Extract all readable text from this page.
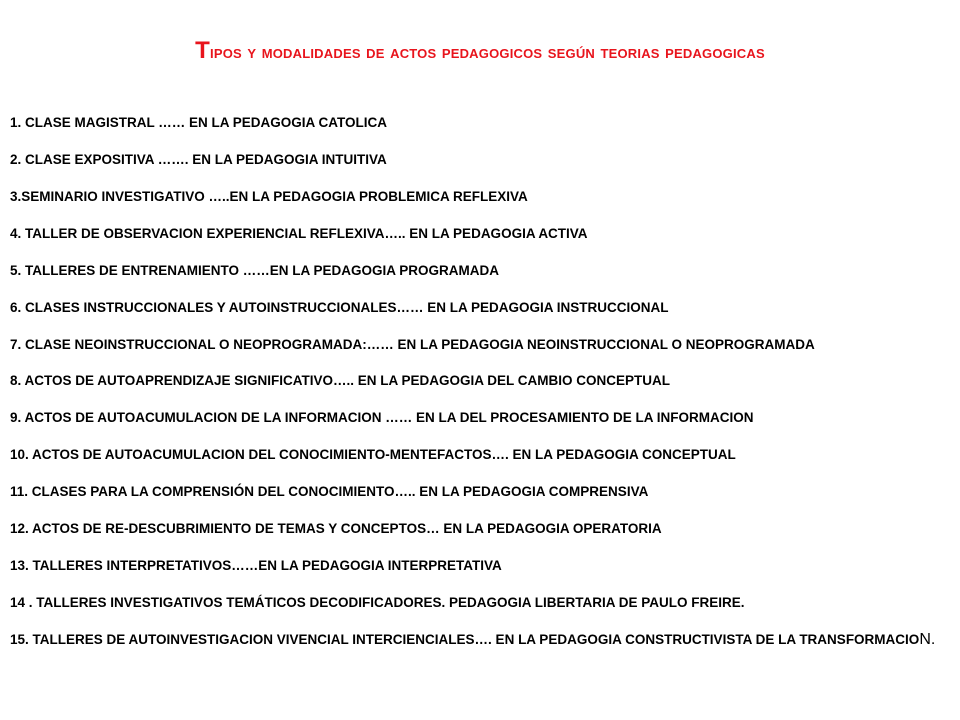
Tipos y modalidades de actos pedagogicos según teorias pedagogicas
1. CLASE MAGISTRAL …… EN LA PEDAGOGIA CATOLICA
2. CLASE EXPOSITIVA ……. EN LA PEDAGOGIA INTUITIVA
3.SEMINARIO INVESTIGATIVO …..EN LA PEDAGOGIA PROBLEMICA REFLEXIVA
4. TALLER DE OBSERVACION EXPERIENCIAL REFLEXIVA….. EN LA PEDAGOGIA ACTIVA
5. TALLERES DE ENTRENAMIENTO ……EN LA PEDAGOGIA PROGRAMADA
6. CLASES INSTRUCCIONALES Y AUTOINSTRUCCIONALES…… EN LA PEDAGOGIA INSTRUCCIONAL
7. CLASE NEOINSTRUCCIONAL O NEOPROGRAMADA:…… EN LA PEDAGOGIA NEOINSTRUCCIONAL O NEOPROGRAMADA
8. ACTOS DE AUTOAPRENDIZAJE SIGNIFICATIVO….. EN LA PEDAGOGIA DEL CAMBIO CONCEPTUAL
9. ACTOS DE AUTOACUMULACION DE LA INFORMACION …… EN LA DEL PROCESAMIENTO DE LA INFORMACION
10. ACTOS DE AUTOACUMULACION DEL CONOCIMIENTO-MENTEFACTOS…. EN LA PEDAGOGIA CONCEPTUAL
11. CLASES PARA LA COMPRENSIÓN DEL CONOCIMIENTO….. EN LA PEDAGOGIA COMPRENSIVA
12. ACTOS DE RE-DESCUBRIMIENTO DE TEMAS Y CONCEPTOS… EN LA PEDAGOGIA OPERATORIA
13. TALLERES INTERPRETATIVOS……EN LA PEDAGOGIA INTERPRETATIVA
14 . TALLERES INVESTIGATIVOS TEMÁTICOS DECODIFICADORES. PEDAGOGIA LIBERTARIA DE PAULO FREIRE.
15. TALLERES DE AUTOINVESTIGACION VIVENCIAL INTERCIENCIALES…. EN LA PEDAGOGIA CONSTRUCTIVISTA DE LA TRANSFORMACION.
